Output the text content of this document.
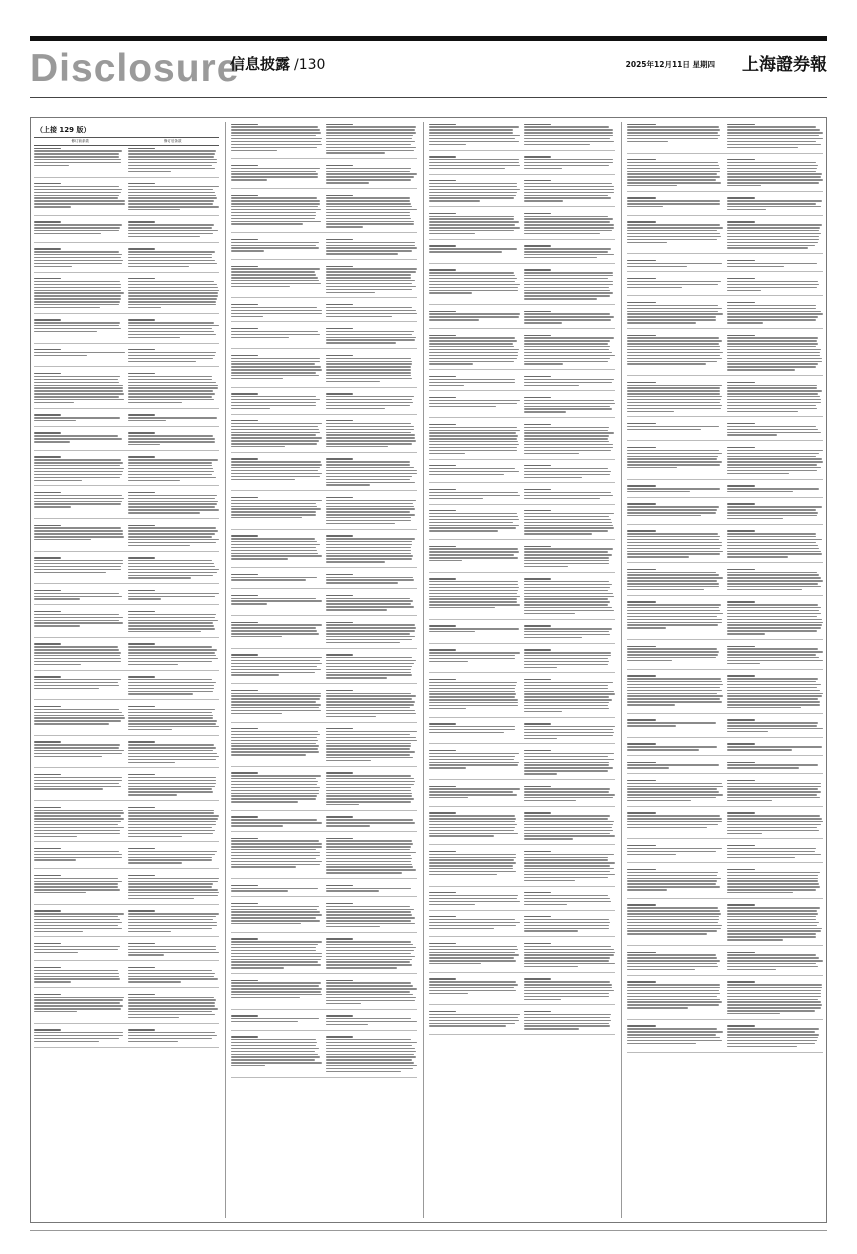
Disclosure
信息披露 /130	2025年12月11日 星期四 上海證券報
（上接 129 版）
修订前条款	修订后条款
